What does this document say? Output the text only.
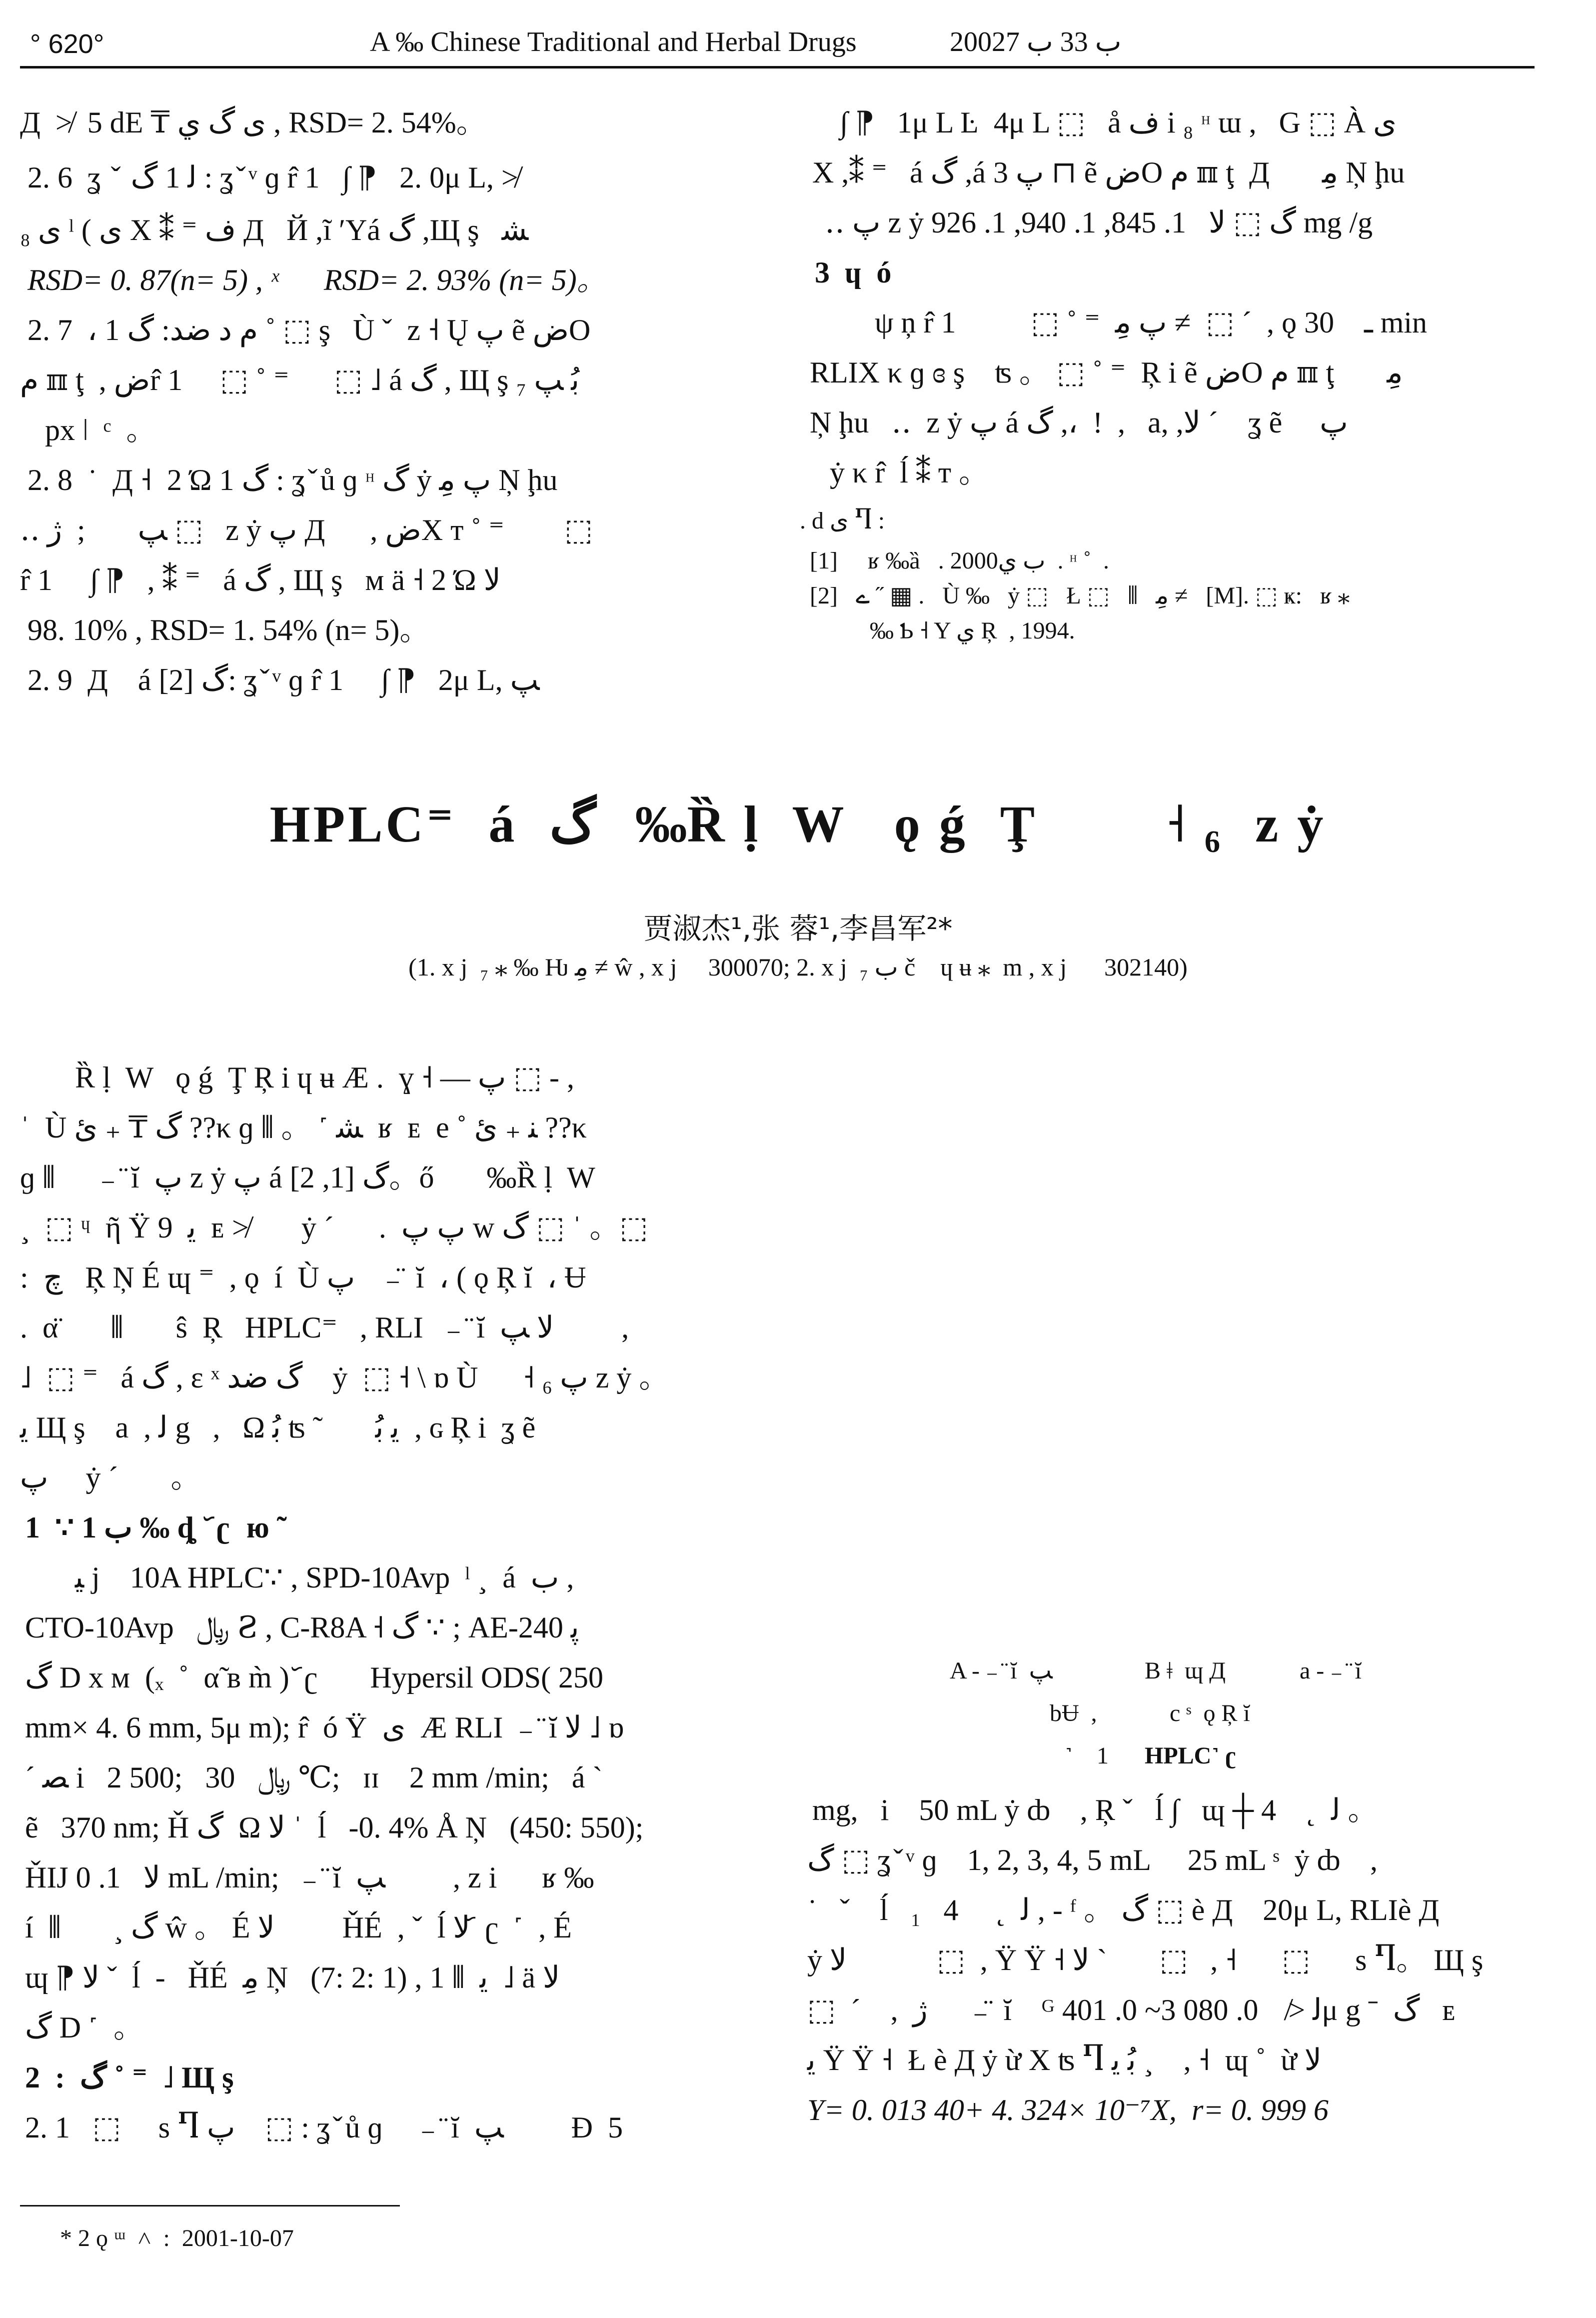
° 620°	A ‰ Chinese Traditional and Herbal Drugs	2002ب 33 ب 7
Д  ≯  5 dE ₸ ی گ ي , RSD= 2. 54%。
2. 6  ʓ  ̌  ﻟ 1 گ : ʓ ̌ ᵛ ɡ r̂ 1   ∫ ⁋   2. 0μ L, ≯
₈ ی ˡ ( ی Χ ⁑ ⁼ ف Д   Й ,ĩ ʹYá گ ,Щ ş   ﺸ
RSD= 0. 87(n= 5) , ˣ      RSD= 2. 93% (n= 5)。
2. 7  ، 1 م د ضد: گ ˚ ⬚ ş   Ù ˇ  z ˧ Ų پ ẽ ضO
م ℼ ţ  , ضr̂ 1     ⬚ ˚ ⁼      ⬚ ˩ á گ , Щ ş ₇ ﺑُ ﭗ
px ǀ  ᶜ  。
2. 8  ˙  Д ˧  2 Ώ 1 گ : ʓ ̌ ů ɡ ᵸ گ ẏ پ ﻣِ Ņ ḩu
‥ ﭗ       ;  ژ ⬚   z ẏ پ Д      , ضΧ ᴛ ˚ ⁼        ⬚
r̂ 1     ∫ ⁋   , ⁑ ⁼   á گ , Щ ş   ᴍ ä ˧ 2 Ώ ﻻ
98. 10% , RSD= 1. 54% (n= 5)。
2. 9  Д    á گ [2]: ʓ ̌ ᵛ ɡ r̂ 1     ∫ ⁋   2μ L, ﭗ
∫ ⁋   1μ L Ŀ  4μ L ⬚   å ف i ₈ ᵸ ɯ ,   G ⬚ À ی
Χ ,⁑ ⁼   á گ ,á پ 3 ⊓ ẽ ضO م ℼ ţ  Д       ﻣِ Ņ ḩu
‥ پ z ẏ گ ⬚ ﻻ   1. 845, 1. 940, 1. 926 mg /g
3  ɥ  ó
ψ ņ r̂ 1          ⬚ ˚ ⁼  پ ﻣِ ≠  ⬚ ´  , ǫ ـ    30 min
RLIΧ κ ɡ ɞ ş    ʦ 。 ⬚ ˚ ⁼  Ŗ i ẽ ضO م ℼ ţ       ﻣِ
Ņ ḩu   ‥  z ẏ پ á گ ,،  !  ,   a, ,ﻻ ´    ʓ ẽ     پ
ẏ κ r̂  ĺ ⁑ ᴛ 。
. d ی Ⴄ :
[1]     ʁ ‰ȁ   . 2000ب ي  . ᵸ ˚  .
[2]   ے ˝ ▦ .   Ù ‰   ẏ ⬚   Ł ⬚   ⫴   ﻣِ ≠   [M]. ⬚ ҝ:   ʁ ⁎
‰ Ƅ ˧ Y ي Ŗ  , 1994.
HPLC⁼  á  گ   ‰Ȑ ḷ  W   ǫ ǵ  Ţ        ˧ ₆  z ẏ
贾淑杰¹,张 蓉¹,李昌军²*
(1. x j  ₇ ⁎ ‰ Ƕ ﻣِ ≠ ŵ , x j     300070; 2. x j  ₇ ب č    ɥ ʉ ⁎  m , x j      302140)
Ȑ ḷ  W   ǫ ǵ  Ţ Ŗ i ɥ ʉ Æ .  ɣ ˧ — پ ⬚ - ,
ˈ  Ù گ ₸ ₊ ﺉ ??κ ɡ ⫴ 。 ˹ ﺸ  ʁ  ᴇ  e ˚ ﻨ ₊ ﺉ ??κ
ɡ ⫴      ₋ ̈ ĭ  پ z ẏ پ á گ [1, 2]。ő       ‰Ȑ ḷ  W
¸  ⬚ ᶣ  ῆ Ÿ 9  ﯾ  ᴇ ≯       ẏ ´      .  پ پ w گ ⬚ ˈ 。⬚
:  ﭺ   Ŗ Ņ É ɰ ⁼  , ǫ  í  Ù پ    ₋ ̈ ĭ  ، ( ǫ Ŗ ĭ  ، Ʉ
.  α̈       ⫴       ŝ  Ŗ   HPLC⁼   , RLI   ₋ ̈ ĭ  ﻻ ﭗ         ,
˩  ⬚ ⁼   á گ , ɛ ˣ گ ضد    ẏ  ⬚ ˧ \ ɒ Ù      ˧ ₆ پ z ẏ 。
ﯾ Щ ş    a  , ﻟ g   ,   Ω ﺑُ ʦ ˜       ﯾ ﺑُ  , ɢ Ŗ i  ʓ ẽ
پ     ẏ ´       。
1  ∵ ب 1 ‰ ȡ  ᷃ ʗ  ю ˜
ﯿ j    10A HPLC∵ , SPD-10Avp  ˡ ¸  á  ب ,
CTO-10Avp   ﷼ Ꙅ , C-R8A ˧ گ ∵ ; AE-240 ﭘ
گ D x ᴍ  (ₓ  ˚  α̃ ʙ m̀ ) ᷃ ʗ       Hypersil ODS( 250
mm× 4. 6 mm, 5μ m); r̂  ó Ÿ  ی  Æ RLI  ₋ ̈ ĭ ﻻ ˩ ɒ
´ ﺼ i   2 500;   ﷼   30 ℃;   ɪɪ    2 mm /min;   á ˋ
ẽ   370 nm; Ȟ گ  Ω ﻻ ˈ  ĺ   -0. 4% Å Ņ   (450: 550);
ȞIJ ﻻ   1. 0 mL /min;   ₋ ̈ ĭ  ﭗ         , z i      ʁ ‰
í  ⫴       ¸ گ ŵ 。 É ﻻ         ȞÉ  , ˇ  ĺ ﻻ ᷃ ʗ  ˹  , É
ɰ ⁋ ﻻ ˇ  ĺ  -   ȞÉ  ﻣِ Ņ   (7: 2: 1) , ﯾ  ⫴ 1  ˩ ä ﻻ
گ D ˹  。
2  :  گ ˚ ⁼  ˩ Щ ş
2. 1   ⬚     s Ⴄ پ    ⬚ : ʓ ̌ ů ɡ     ₋ ̈ ĭ  ﭗ         Ɖ  5
A - ₋ ̈ ĭ  ﭗ	B ǂ  ɰ Д	a - ₋ ̈ ĭ
bɄ  ,	c ˢ  ǫ Ŗ ĭ
˺    1 HPLC˺ ʗ
mg,   i    50 mL ẏ ȸ    , Ŗ ˇ   ĺ ∫   ɰ ┼ 4    ˛  ﻟ 。
گ ⬚ ʓ ̌ ᵛ ɡ    1, 2, 3, 4, 5 mL     25 mL ˢ  ẏ ȸ    ,
˙   ˇ    ĺ   ₁   4     ˛  ﻟ , - ᶠ 。 گ ⬚ è Д    20μ L, RLIè Д
ẏ ﻻ            ⬚  , Ÿ Ÿ ˧ ﻻ ˋ       ⬚   , ˧      ⬚      s Ⴄ。 Щ ş
⬚  ´    ,  ژ      ₋ ̈ ĭ    ᴳ ﻟ ≯    0. 080 3~ 0. 401μ g ˉ  گ   ᴇ
ﯾ Ÿ Ÿ ˧  Ł è Д ẏ ừ Χ ʦ Ⴄ ﺑُ ﻳ ¸    , ˧  ɰ ˚  ừ ﻻ
Y= 0. 013 40+ 4. 324× 10⁻⁷X,  r= 0. 999 6
* 2 ǫ ᵚ  ˄  :  2001-10-07
